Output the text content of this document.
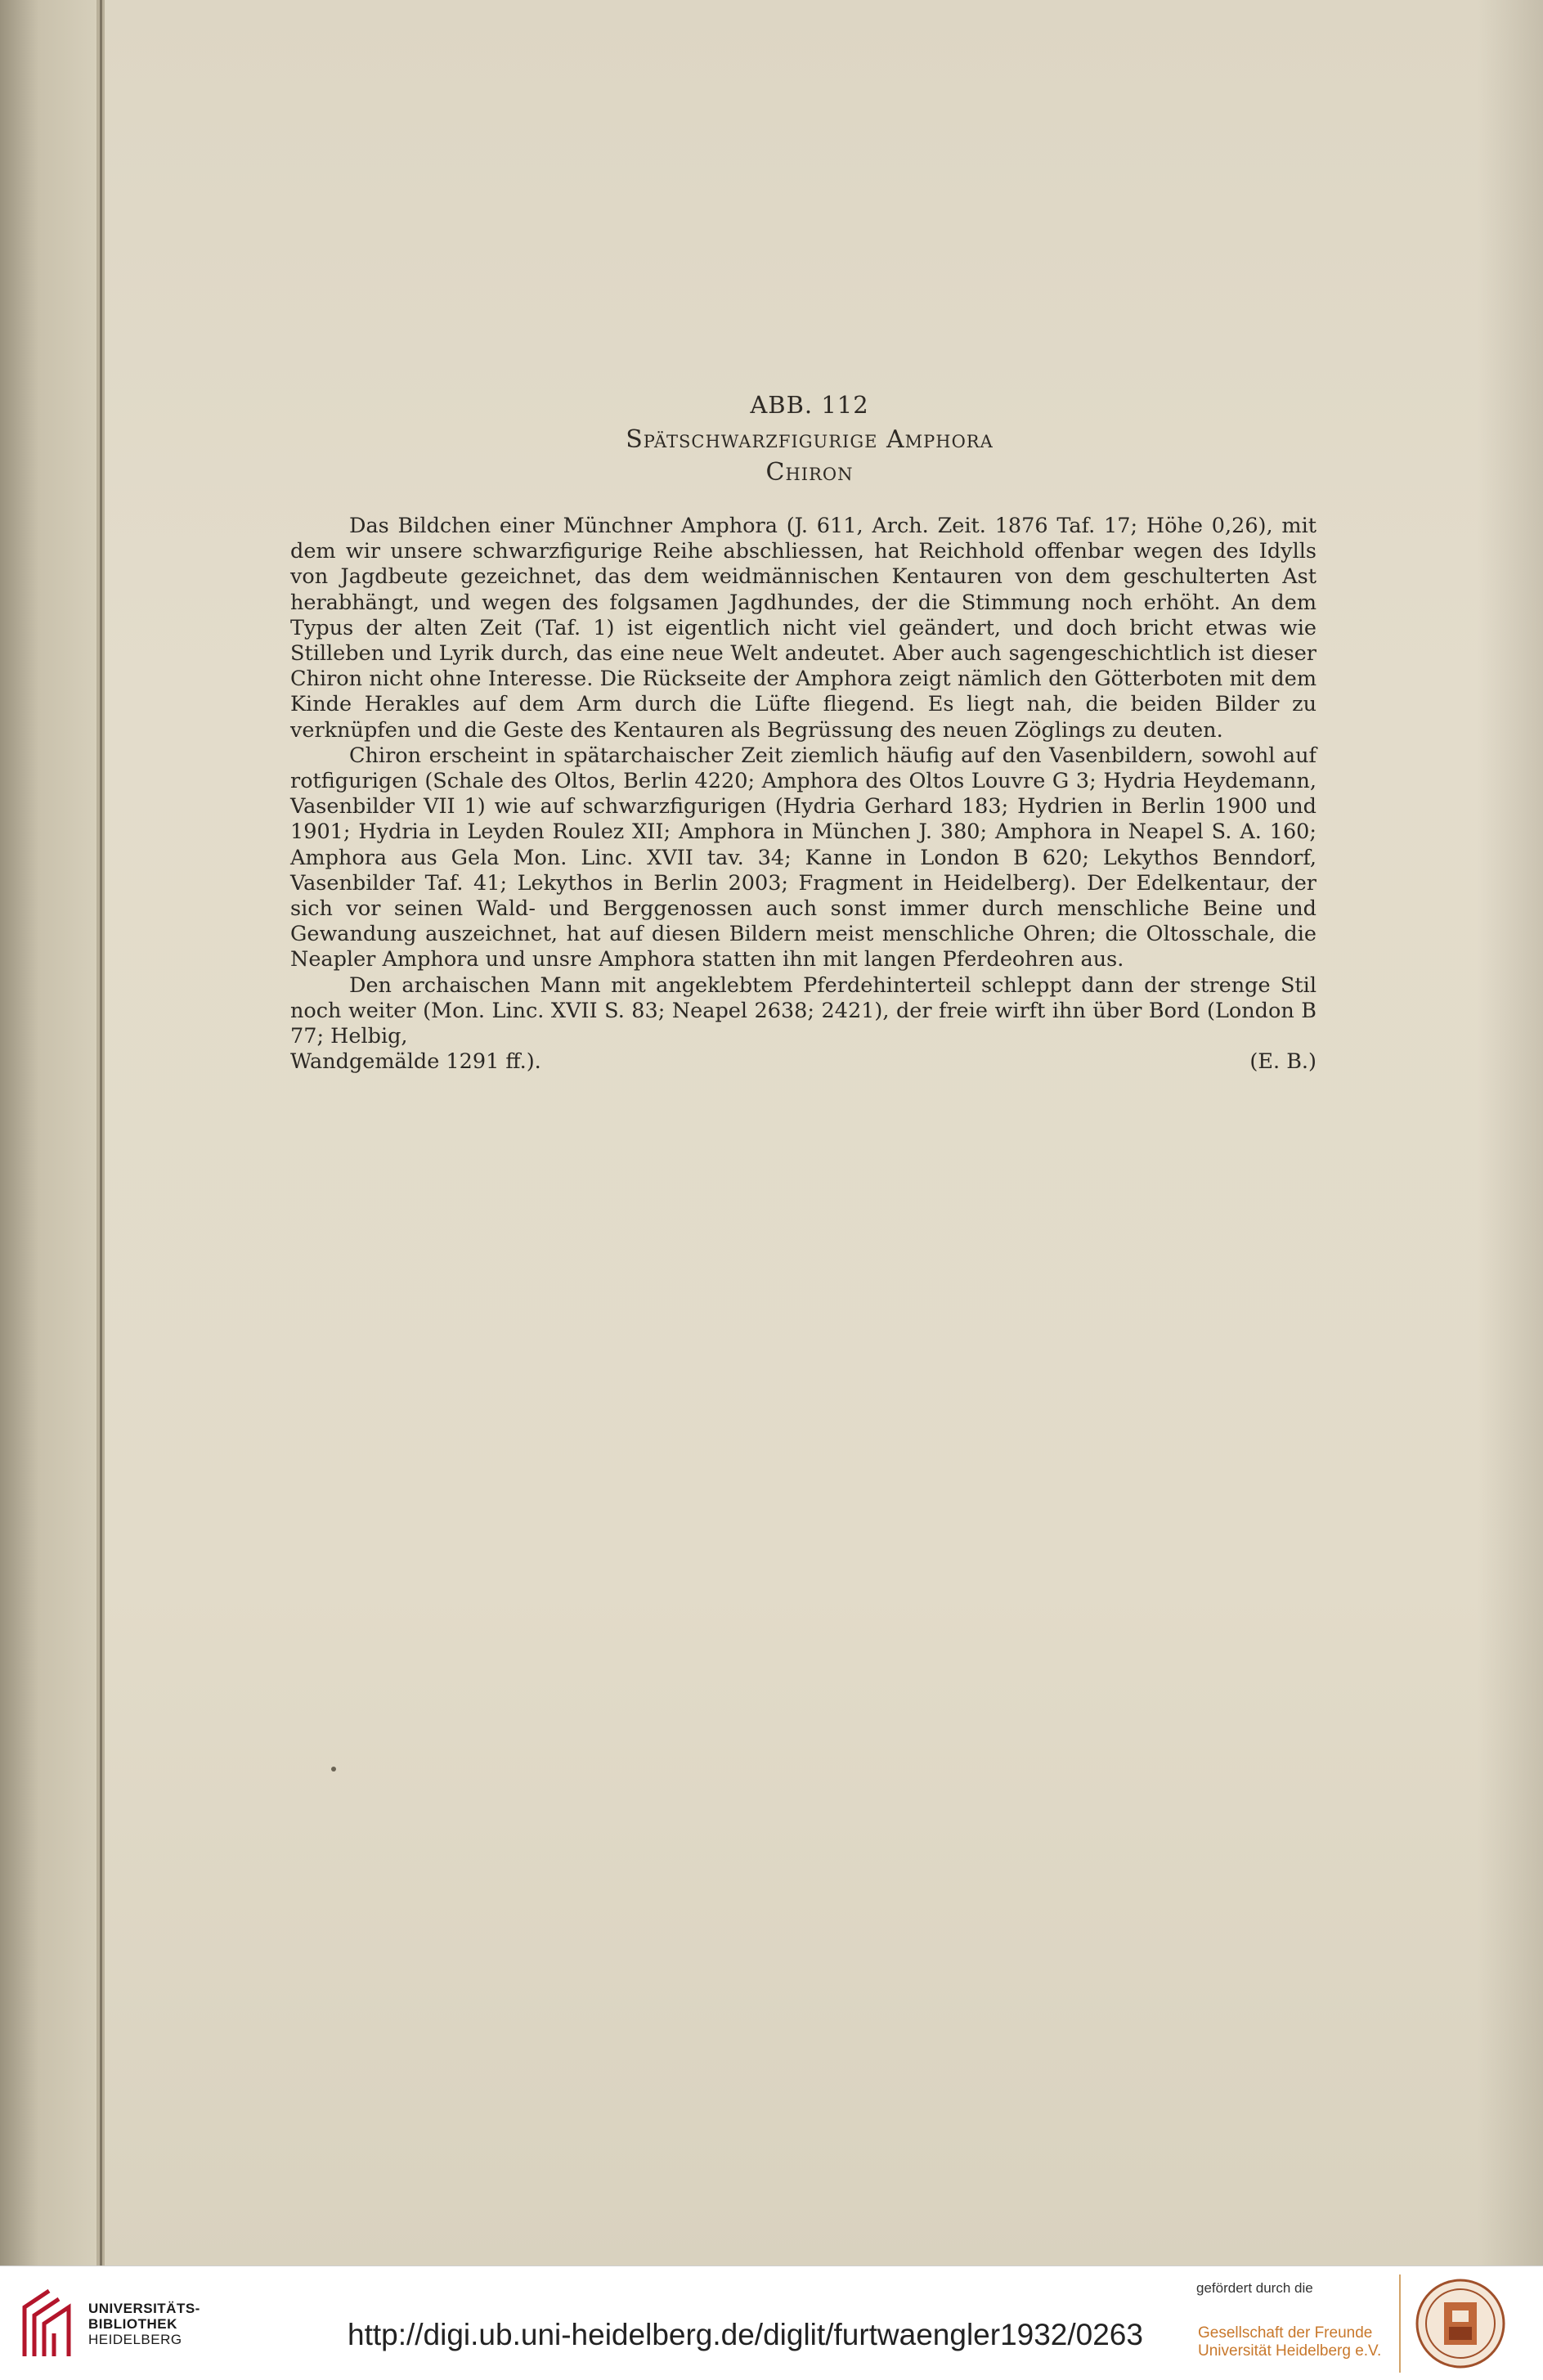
ABB. 112
Spätschwarzfigurige Amphora
Chiron

Das Bildchen einer Münchner Amphora (J. 611, Arch. Zeit. 1876 Taf. 17; Höhe 0,26), mit dem wir unsere schwarzfigurige Reihe abschliessen, hat Reichhold offenbar wegen des Idylls von Jagdbeute gezeichnet, das dem weidmännischen Kentauren von dem geschulterten Ast herabhängt, und wegen des folgsamen Jagdhundes, der die Stimmung noch erhöht. An dem Typus der alten Zeit (Taf. 1) ist eigentlich nicht viel geändert, und doch bricht etwas wie Stilleben und Lyrik durch, das eine neue Welt andeutet. Aber auch sagengeschichtlich ist dieser Chiron nicht ohne Interesse. Die Rückseite der Amphora zeigt nämlich den Götterboten mit dem Kinde Herakles auf dem Arm durch die Lüfte fliegend. Es liegt nah, die beiden Bilder zu verknüpfen und die Geste des Kentauren als Begrüssung des neuen Zöglings zu deuten.

Chiron erscheint in spätarchaischer Zeit ziemlich häufig auf den Vasenbildern, sowohl auf rotfigurigen (Schale des Oltos, Berlin 4220; Amphora des Oltos Louvre G 3; Hydria Heydemann, Vasenbilder VII 1) wie auf schwarzfigurigen (Hydria Gerhard 183; Hydrien in Berlin 1900 und 1901; Hydria in Leyden Roulez XII; Amphora in München J. 380; Amphora in Neapel S. A. 160; Amphora aus Gela Mon. Linc. XVII tav. 34; Kanne in London B 620; Lekythos Benndorf, Vasenbilder Taf. 41; Lekythos in Berlin 2003; Fragment in Heidelberg). Der Edelkentaur, der sich vor seinen Wald- und Berggenossen auch sonst immer durch menschliche Beine und Gewandung auszeichnet, hat auf diesen Bildern meist menschliche Ohren; die Oltosschale, die Neapler Amphora und unsre Amphora statten ihn mit langen Pferdeohren aus.

Den archaischen Mann mit angeklebtem Pferdehinterteil schleppt dann der strenge Stil noch weiter (Mon. Linc. XVII S. 83; Neapel 2638; 2421), der freie wirft ihn über Bord (London B 77; Helbig,

Wandgemälde 1291 ff.).	(E. B.)
UNIVERSITÄTS-
BIBLIOTHEK
HEIDELBERG	http://digi.ub.uni-heidelberg.de/diglit/furtwaengler1932/0263
gefördert durch die
Gesellschaft der Freunde
Universität Heidelberg e.V.
